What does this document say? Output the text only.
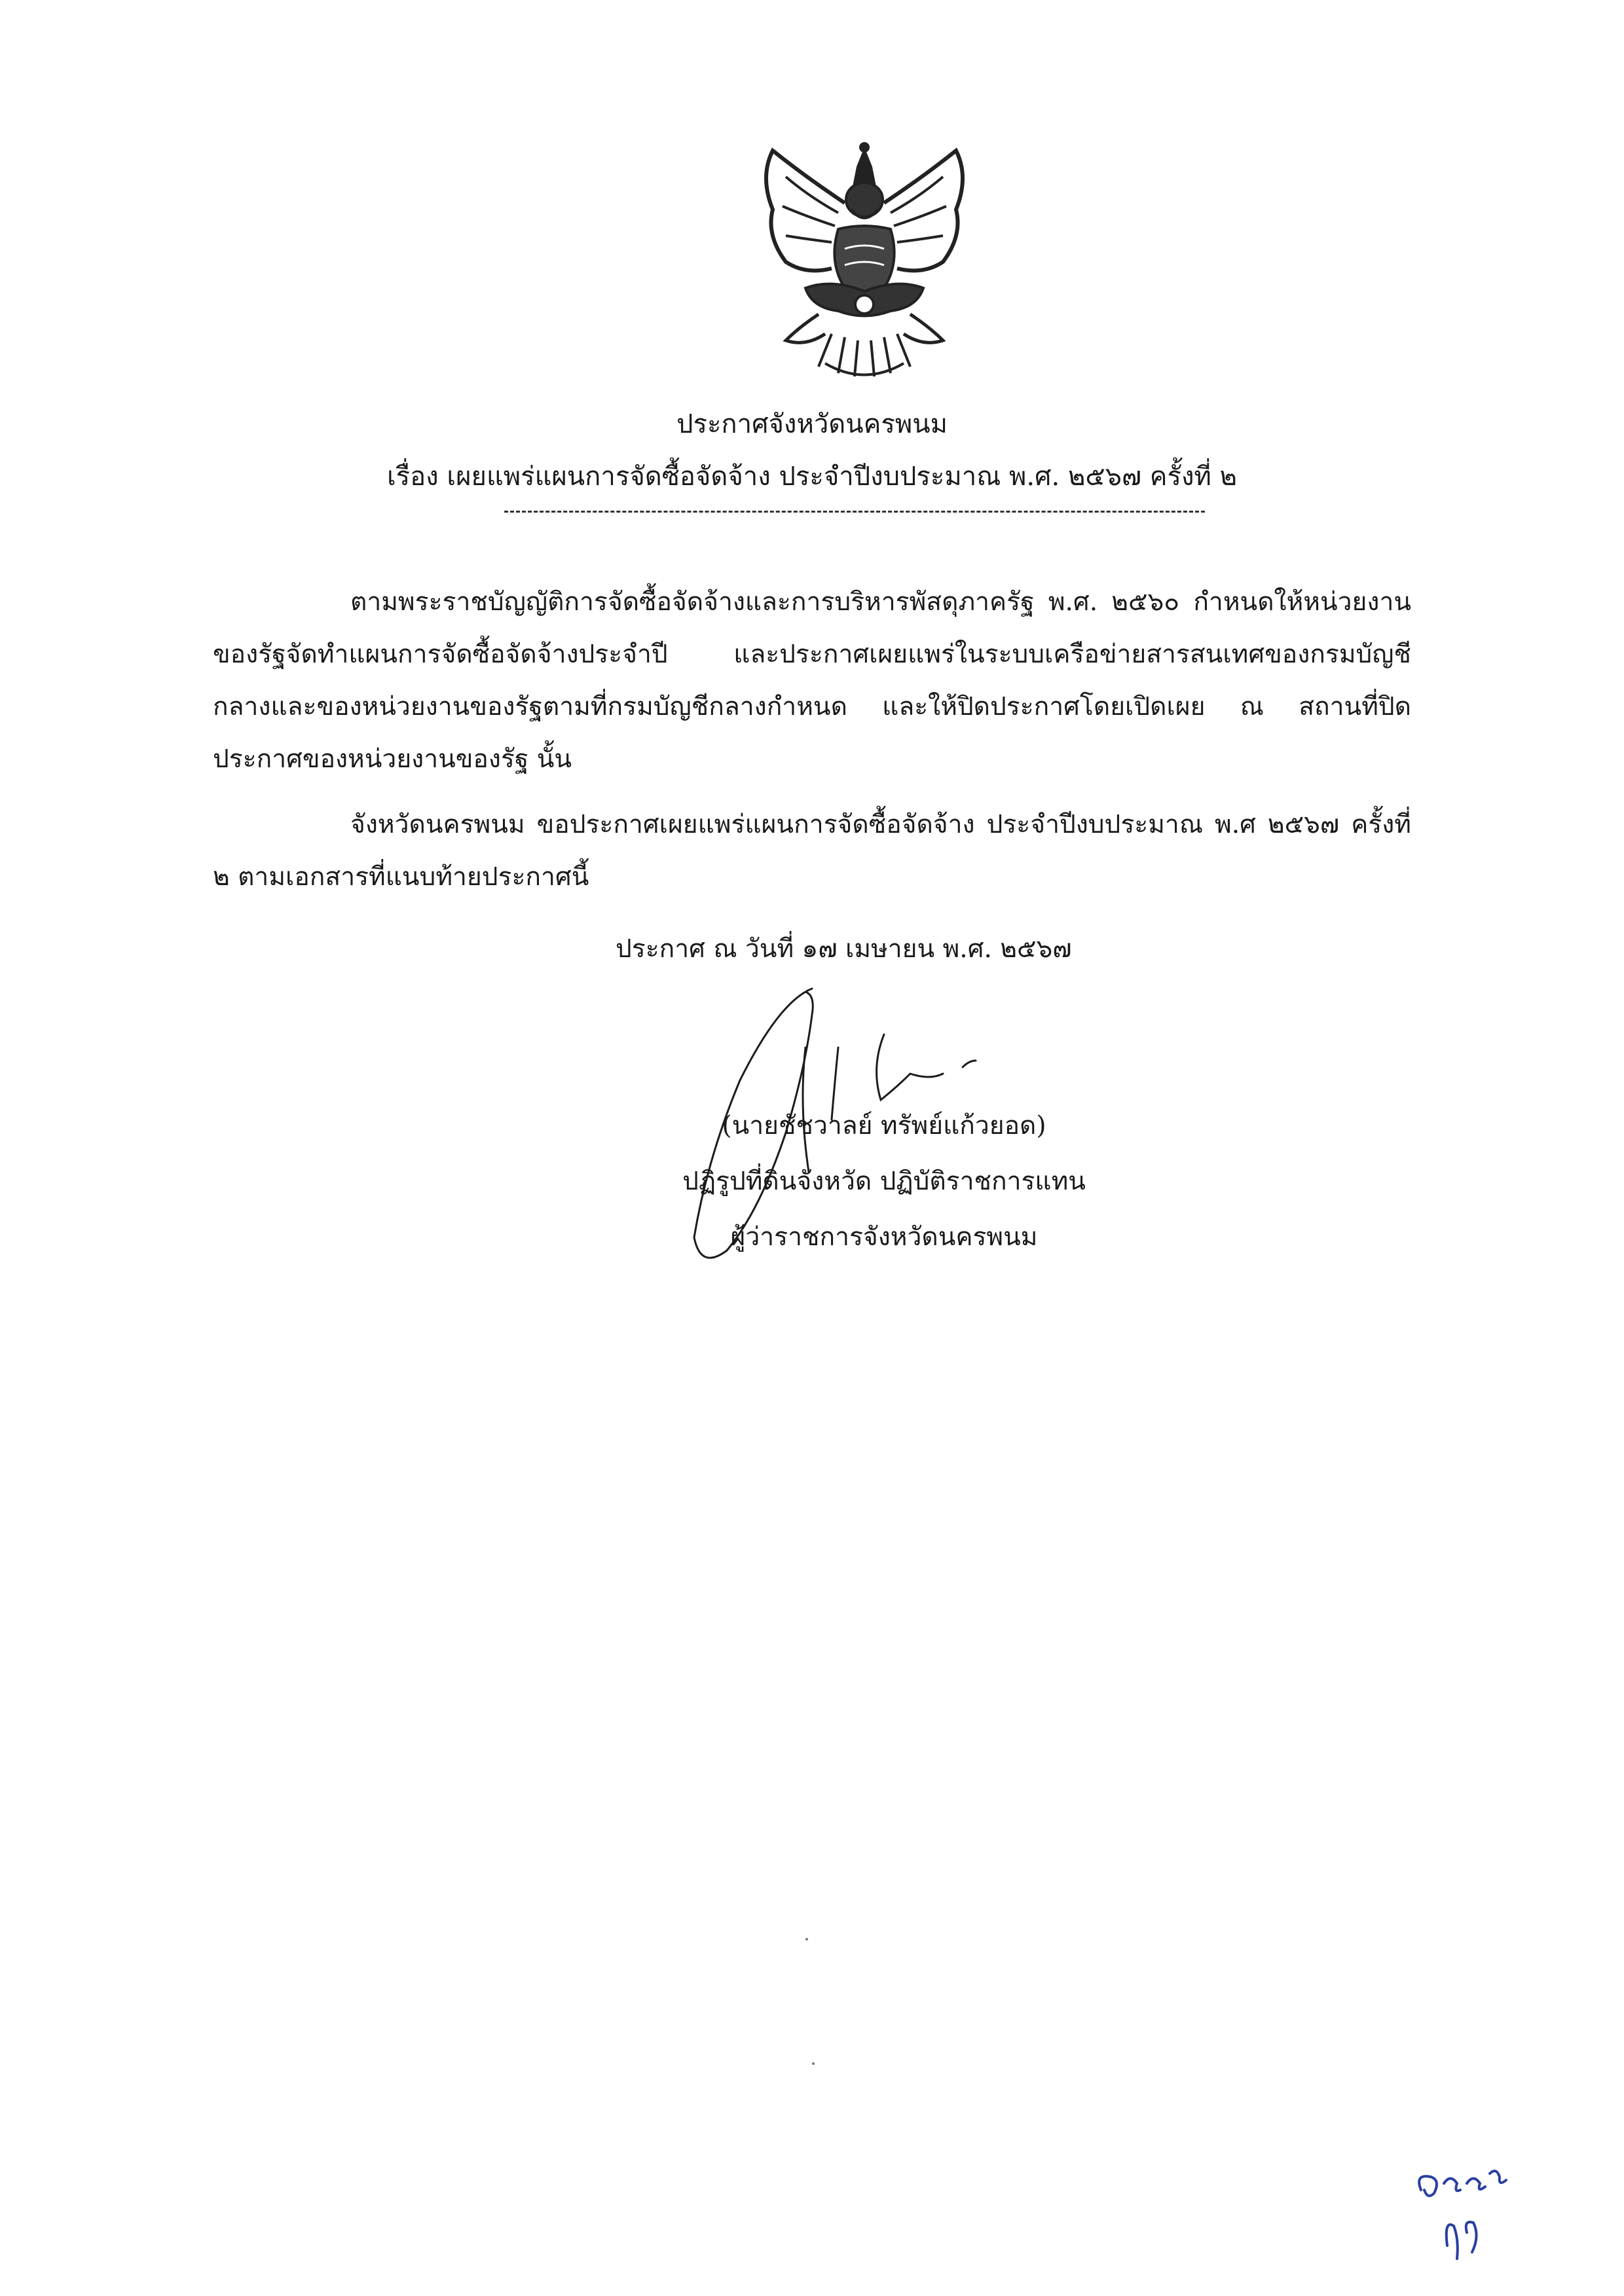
ประกาศจังหวัดนครพนม
เรื่อง เผยแพร่แผนการจัดซื้อจัดจ้าง ประจำปีงบประมาณ พ.ศ. ๒๕๖๗ ครั้งที่ ๒
ตามพระราชบัญญัติการจัดซื้อจัดจ้างและการบริหารพัสดุภาครัฐ พ.ศ. ๒๕๖๐ กำหนดให้หน่วยงานของรัฐจัดทำแผนการจัดซื้อจัดจ้างประจำปี และประกาศเผยแพร่ในระบบเครือข่ายสารสนเทศของกรมบัญชีกลางและของหน่วยงานของรัฐตามที่กรมบัญชีกลางกำหนด และให้ปิดประกาศโดยเปิดเผย ณ สถานที่ปิดประกาศของหน่วยงานของรัฐ นั้น
จังหวัดนครพนม ขอประกาศเผยแพร่แผนการจัดซื้อจัดจ้าง ประจำปีงบประมาณ พ.ศ ๒๕๖๗ ครั้งที่ ๒ ตามเอกสารที่แนบท้ายประกาศนี้
ประกาศ ณ วันที่ ๑๗ เมษายน พ.ศ. ๒๕๖๗
(นายชัชวาลย์ ทรัพย์แก้วยอด)
ปฏิรูปที่ดินจังหวัด ปฏิบัติราชการแทน
ผู้ว่าราชการจังหวัดนครพนม
